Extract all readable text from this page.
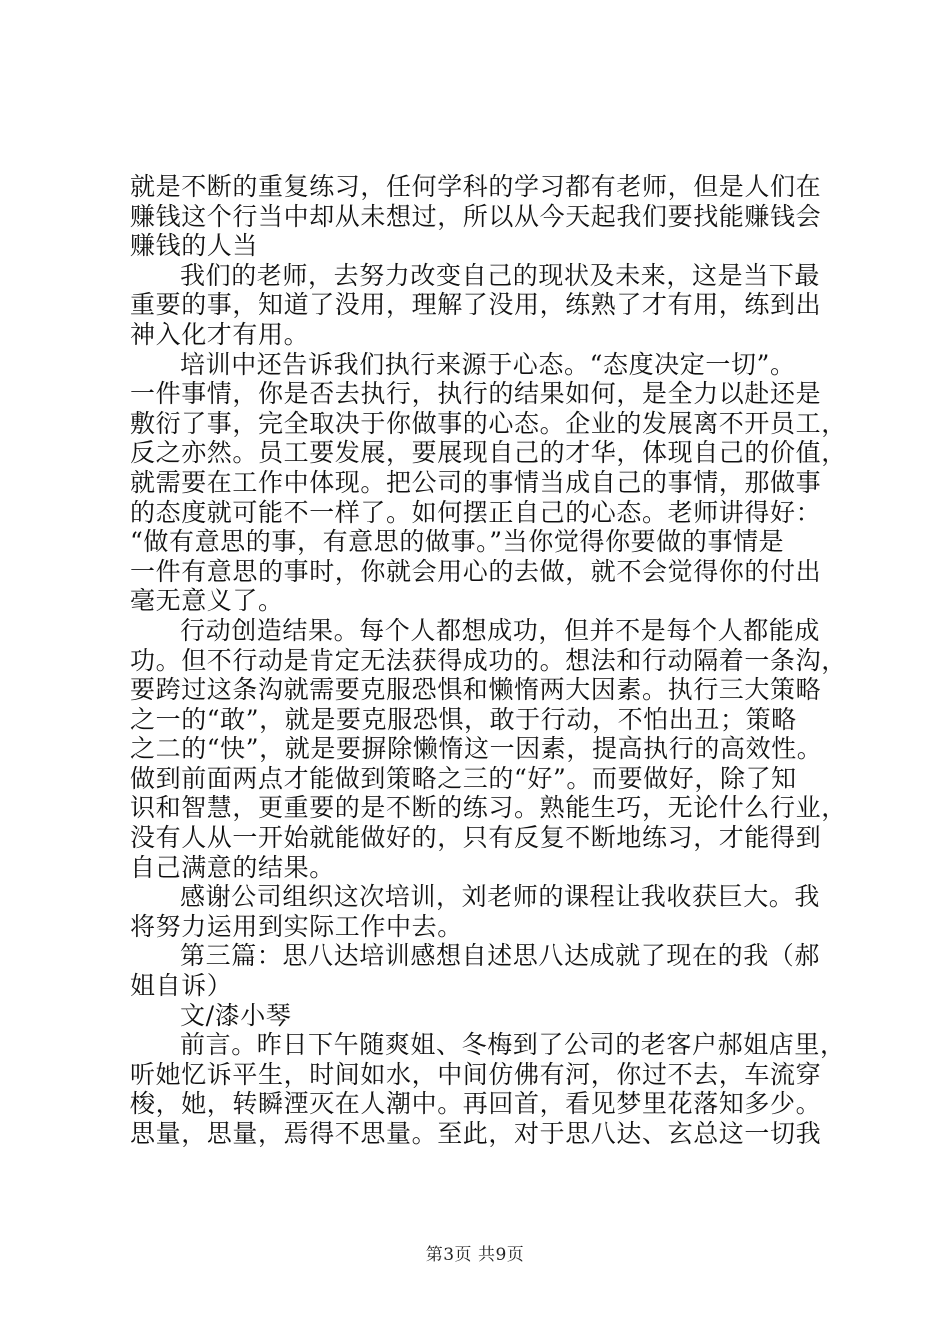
就是不断的重复练习，任何学科的学习都有老师，但是人们在
赚钱这个行当中却从未想过，所以从今天起我们要找能赚钱会
赚钱的人当

我们的老师，去努力改变自己的现状及未来，这是当下最
重要的事，知道了没用，理解了没用，练熟了才有用，练到出
神入化才有用。

培训中还告诉我们执行来源于心态。“态度决定一切”。
一件事情，你是否去执行，执行的结果如何，是全力以赴还是
敷衍了事，完全取决于你做事的心态。企业的发展离不开员工，
反之亦然。员工要发展，要展现自己的才华，体现自己的价值，
就需要在工作中体现。把公司的事情当成自己的事情，那做事
的态度就可能不一样了。如何摆正自己的心态。老师讲得好：
“做有意思的事，有意思的做事。”当你觉得你要做的事情是
一件有意思的事时，你就会用心的去做，就不会觉得你的付出
毫无意义了。

行动创造结果。每个人都想成功，但并不是每个人都能成
功。但不行动是肯定无法获得成功的。想法和行动隔着一条沟，
要跨过这条沟就需要克服恐惧和懒惰两大因素。执行三大策略
之一的“敢”，就是要克服恐惧，敢于行动，不怕出丑；策略
之二的“快”，就是要摒除懒惰这一因素，提高执行的高效性。
做到前面两点才能做到策略之三的“好”。而要做好，除了知
识和智慧，更重要的是不断的练习。熟能生巧，无论什么行业，
没有人从一开始就能做好的，只有反复不断地练习，才能得到
自己满意的结果。

感谢公司组织这次培训，刘老师的课程让我收获巨大。我
将努力运用到实际工作中去。

第三篇：思八达培训感想自述思八达成就了现在的我（郝
姐自诉）

文/漆小琴

前言。昨日下午随爽姐、冬梅到了公司的老客户郝姐店里，
听她忆诉平生，时间如水，中间仿佛有河，你过不去，车流穿
梭，她，转瞬湮灭在人潮中。再回首，看见梦里花落知多少。
思量，思量，焉得不思量。至此，对于思八达、玄总这一切我

第3页 共9页
